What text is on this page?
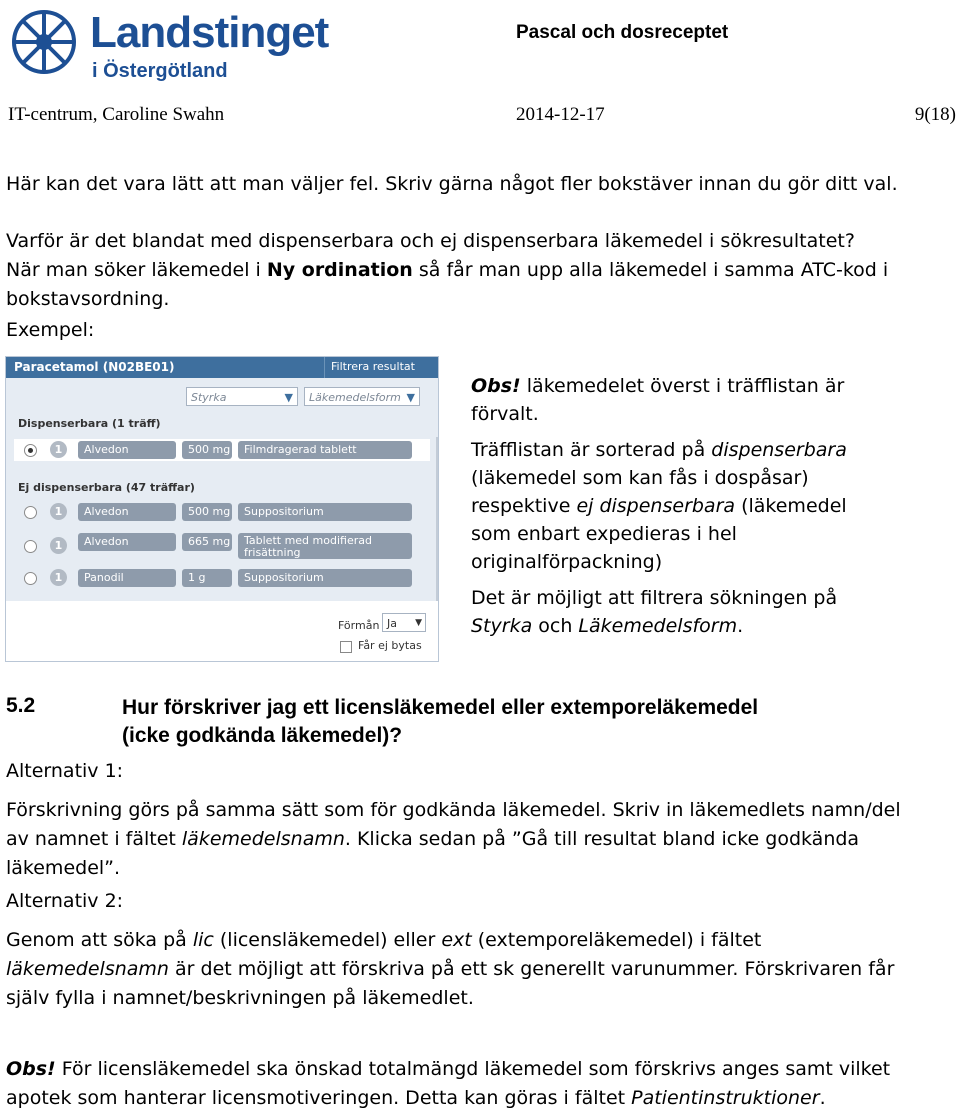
Landstinget
i Östergötland
Pascal och dosreceptet
IT-centrum, Caroline Swahn	2014-12-17	9(18)

Här kan det vara lätt att man väljer fel. Skriv gärna något fler bokstäver innan du gör ditt val.

Varför är det blandat med dispenserbara och ej dispenserbara läkemedel i sökresultatet?
När man söker läkemedel i Ny ordination så får man upp alla läkemedel i samma ATC-kod i
bokstavsordning.
Exempel:
Paracetamol (N02BE01)	Filtrera resultat
Styrka	▼	Läkemedelsform ▼
Dispenserbara (1 träff)
1	Alvedon	500 mg Filmdragerad tablett
Ej dispenserbara (47 träffar)
1	Alvedon	500 mg Suppositorium
1	Alvedon	665 mg Tablett med modifierad
frisättning
1	Panodil	1 g	Suppositorium
Förmån Ja ▼
Får ej bytas
Obs! läkemedelet överst i träfflistan är
förvalt.
Träfflistan är sorterad på dispenserbara
(läkemedel som kan fås i dospåsar)
respektive ej dispenserbara (läkemedel
som enbart expedieras i hel
originalförpackning)
Det är möjligt att filtrera sökningen på
Styrka och Läkemedelsform.
5.2	Hur förskriver jag ett licensläkemedel eller extemporeläkemedel
(icke godkända läkemedel)?
Alternativ 1:
Förskrivning görs på samma sätt som för godkända läkemedel. Skriv in läkemedlets namn/del
av namnet i fältet läkemedelsnamn. Klicka sedan på ”Gå till resultat bland icke godkända
läkemedel”.
Alternativ 2:
Genom att söka på lic (licensläkemedel) eller ext (extemporeläkemedel) i fältet
läkemedelsnamn är det möjligt att förskriva på ett sk generellt varunummer. Förskrivaren får
själv fylla i namnet/beskrivningen på läkemedlet.
Obs! För licensläkemedel ska önskad totalmängd läkemedel som förskrivs anges samt vilket
apotek som hanterar licensmotiveringen. Detta kan göras i fältet Patientinstruktioner.
